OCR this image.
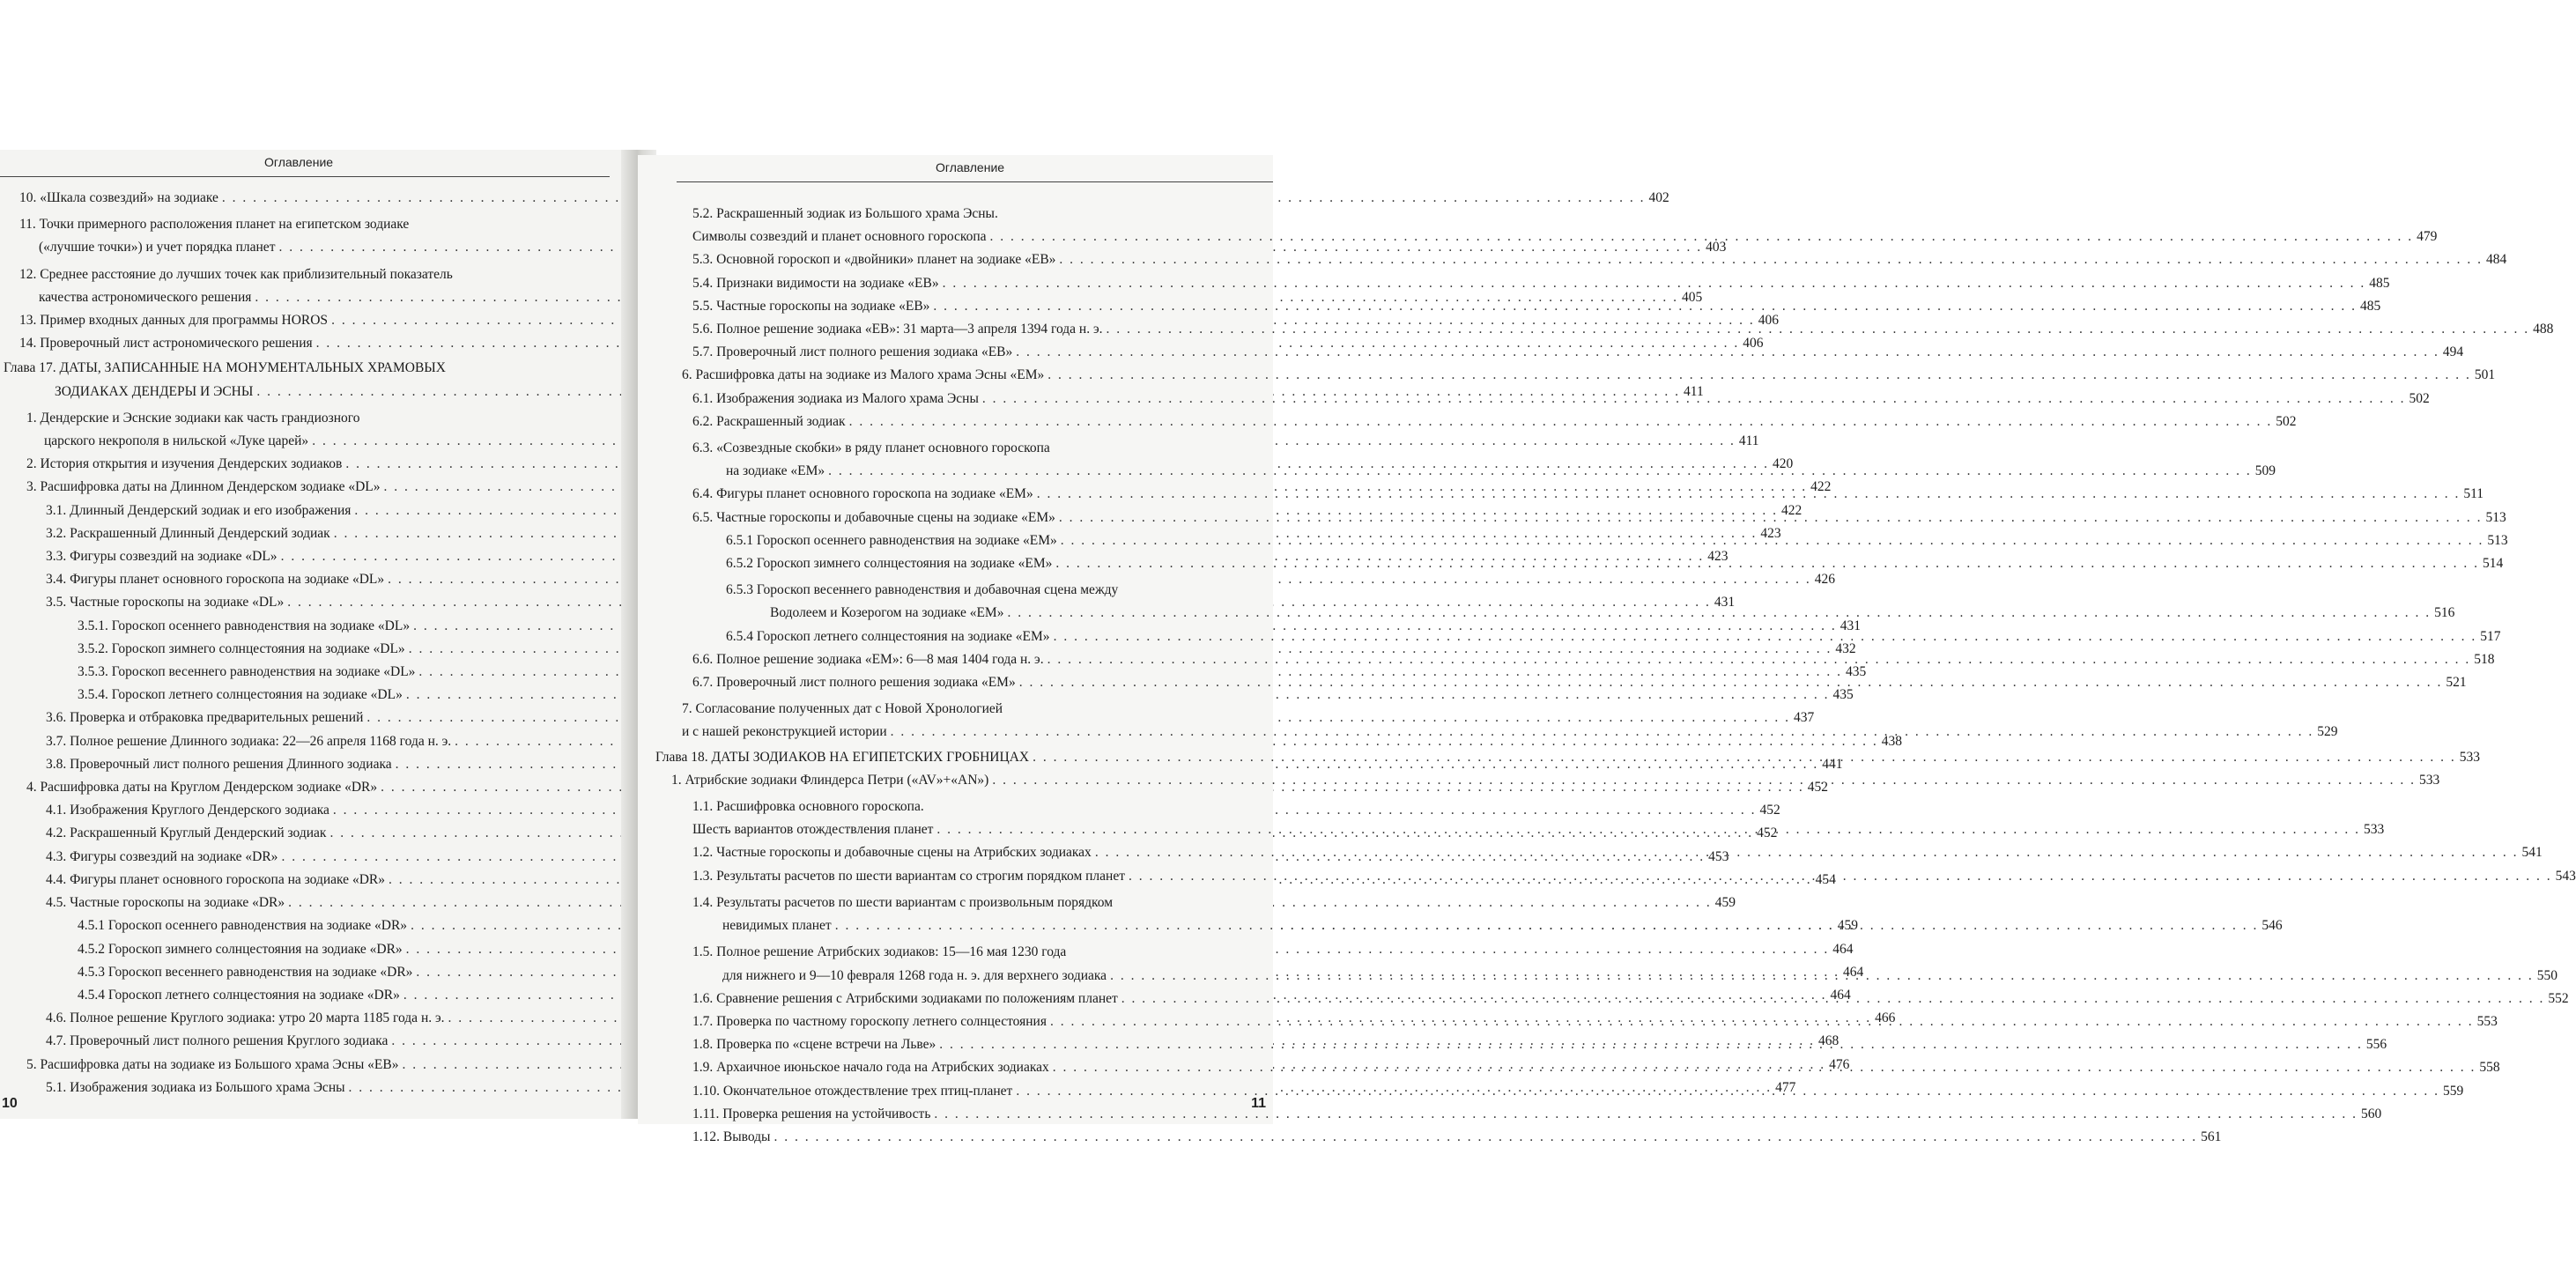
Оглавление
10. «Шкала созвездий» на зодиаке . . .	402
11. Точки примерного расположения планет на египетском зодиаке
(«лучшие точки») и учет порядка планет . . .	403
12. Среднее расстояние до лучших точек как приблизительный показатель
качества астрономического решения . . .	405
13. Пример входных данных для программы HOROS . . .	406
14. Проверочный лист астрономического решения . . .	406
Глава 17. ДАТЫ, ЗАПИСАННЫЕ НА МОНУМЕНТАЛЬНЫХ ХРАМОВЫХ
ЗОДИАКАХ ДЕНДЕРЫ И ЭСНЫ . . .	411
1. Дендерские и Эснские зодиаки как часть грандиозного
царского некрополя в нильской «Луке царей» . . .	411
2. История открытия и изучения Дендерских зодиаков . . .	420
3. Расшифровка даты на Длинном Дендерском зодиаке «DL» . . .	422
3.1. Длинный Дендерский зодиак и его изображения . . .	422
3.2. Раскрашенный Длинный Дендерский зодиак . . .	423
3.3. Фигуры созвездий на зодиаке «DL» . . .	423
3.4. Фигуры планет основного гороскопа на зодиаке «DL» . . .	426
3.5. Частные гороскопы на зодиаке «DL» . . .	431
3.5.1. Гороскоп осеннего равноденствия на зодиаке «DL» . . .	431
3.5.2. Гороскоп зимнего солнцестояния на зодиаке «DL» . . .	432
3.5.3. Гороскоп весеннего равноденствия на зодиаке «DL» . . .	435
3.5.4. Гороскоп летнего солнцестояния на зодиаке «DL» . . .	435
3.6. Проверка и отбраковка предварительных решений . . .	437
3.7. Полное решение Длинного зодиака: 22—26 апреля 1168 года н. э. . . .	438
3.8. Проверочный лист полного решения Длинного зодиака . . .	441
4. Расшифровка даты на Круглом Дендерском зодиаке «DR» . . .	452
4.1. Изображения Круглого Дендерского зодиака . . .	452
4.2. Раскрашенный Круглый Дендерский зодиак . . .	452
4.3. Фигуры созвездий на зодиаке «DR» . . .	453
4.4. Фигуры планет основного гороскопа на зодиаке «DR» . . .	454
4.5. Частные гороскопы на зодиаке «DR» . . .	459
4.5.1 Гороскоп осеннего равноденствия на зодиаке «DR» . . .	459
4.5.2 Гороскоп зимнего солнцестояния на зодиаке «DR» . . .	464
4.5.3 Гороскоп весеннего равноденствия на зодиаке «DR» . . .	464
4.5.4 Гороскоп летнего солнцестояния на зодиаке «DR» . . .	464
4.6. Полное решение Круглого зодиака: утро 20 марта 1185 года н. э. . . .	466
4.7. Проверочный лист полного решения Круглого зодиака . . .	468
5. Расшифровка даты на зодиаке из Большого храма Эсны «ЕВ» . . .	476
5.1. Изображения зодиака из Большого храма Эсны . . .	477
10
Оглавление
5.2. Раскрашенный зодиак из Большого храма Эсны.
Символы созвездий и планет основного гороскопа . . .	479
5.3. Основной гороскоп и «двойники» планет на зодиаке «ЕВ» . . .	484
5.4. Признаки видимости на зодиаке «ЕВ» . . .	485
5.5. Частные гороскопы на зодиаке «ЕВ» . . .	485
5.6. Полное решение зодиака «ЕВ»: 31 марта—3 апреля 1394 года н. э. . . .	488
5.7. Проверочный лист полного решения зодиака «ЕВ» . . .	494
6. Расшифровка даты на зодиаке из Малого храма Эсны «ЕМ» . . .	501
6.1. Изображения зодиака из Малого храма Эсны . . .	502
6.2. Раскрашенный зодиак . . .	502
6.3. «Созвездные скобки» в ряду планет основного гороскопа
на зодиаке «ЕМ» . . .	509
6.4. Фигуры планет основного гороскопа на зодиаке «ЕМ» . . .	511
6.5. Частные гороскопы и добавочные сцены на зодиаке «ЕМ» . . .	513
6.5.1 Гороскоп осеннего равноденствия на зодиаке «ЕМ» . . .	513
6.5.2 Гороскоп зимнего солнцестояния на зодиаке «ЕМ» . . .	514
6.5.3 Гороскоп весеннего равноденствия и добавочная сцена между
Водолеем и Козерогом на зодиаке «ЕМ» . . .	516
6.5.4 Гороскоп летнего солнцестояния на зодиаке «ЕМ» . . .	517
6.6. Полное решение зодиака «ЕМ»: 6—8 мая 1404 года н. э. . . .	518
6.7. Проверочный лист полного решения зодиака «ЕМ» . . .	521
7. Согласование полученных дат с Новой Хронологией
и с нашей реконструкцией истории . . .	529
Глава 18. ДАТЫ ЗОДИАКОВ НА ЕГИПЕТСКИХ ГРОБНИЦАХ . . .	533
1. Атрибские зодиаки Флиндерса Петри («AV»+«AN») . . .	533
1.1. Расшифровка основного гороскопа.
Шесть вариантов отождествления планет . . .	533
1.2. Частные гороскопы и добавочные сцены на Атрибских зодиаках . . .	541
1.3. Результаты расчетов по шести вариантам со строгим порядком планет . . .	543
1.4. Результаты расчетов по шести вариантам с произвольным порядком
невидимых планет . . .	546
1.5. Полное решение Атрибских зодиаков: 15—16 мая 1230 года
для нижнего и 9—10 февраля 1268 года н. э. для верхнего зодиака . . .	550
1.6. Сравнение решения с Атрибскими зодиаками по положениям планет . . .	552
1.7. Проверка по частному гороскопу летнего солнцестояния . . .	553
1.8. Проверка по «сцене встречи на Льве» . . .	556
1.9. Архаичное июньское начало года на Атрибских зодиаках . . .	558
1.10. Окончательное отождествление трех птиц-планет . . .	559
1.11. Проверка решения на устойчивость . . .	560
1.12. Выводы . . .	561
11
